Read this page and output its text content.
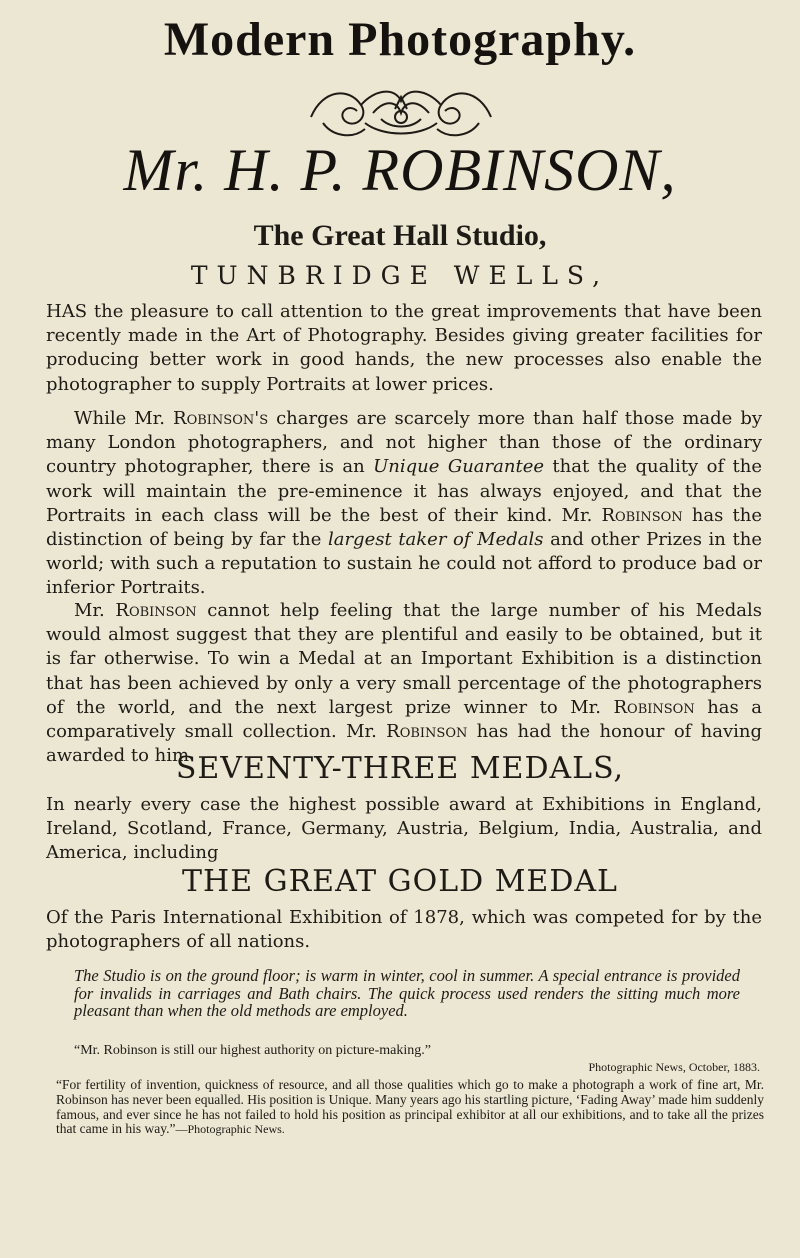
Modern Photography.
Mr. H. P. ROBINSON,
The Great Hall Studio,
TUNBRIDGE WELLS,
HAS the pleasure to call attention to the great improvements that have been recently made in the Art of Photography. Besides giving greater facilities for producing better work in good hands, the new processes also enable the photographer to supply Portraits at lower prices.
While Mr. Robinson's charges are scarcely more than half those made by many London photographers, and not higher than those of the ordinary country photographer, there is an Unique Guarantee that the quality of the work will maintain the pre-eminence it has always enjoyed, and that the Portraits in each class will be the best of their kind. Mr. Robinson has the distinction of being by far the largest taker of Medals and other Prizes in the world; with such a reputation to sustain he could not afford to produce bad or inferior Portraits.
Mr. Robinson cannot help feeling that the large number of his Medals would almost suggest that they are plentiful and easily to be obtained, but it is far otherwise. To win a Medal at an Important Exhibition is a distinction that has been achieved by only a very small percentage of the photographers of the world, and the next largest prize winner to Mr. Robinson has a comparatively small collection. Mr. Robinson has had the honour of having awarded to him
SEVENTY-THREE MEDALS,
In nearly every case the highest possible award at Exhibitions in England, Ireland, Scotland, France, Germany, Austria, Belgium, India, Australia, and America, including
THE GREAT GOLD MEDAL
Of the Paris International Exhibition of 1878, which was competed for by the photographers of all nations.
The Studio is on the ground floor; is warm in winter, cool in summer. A special entrance is provided for invalids in carriages and Bath chairs. The quick process used renders the sitting much more pleasant than when the old methods are employed.
“Mr. Robinson is still our highest authority on picture-making.”
Photographic News, October, 1883.
“For fertility of invention, quickness of resource, and all those qualities which go to make a photograph a work of fine art, Mr. Robinson has never been equalled. His position is Unique. Many years ago his startling picture, ‘Fading Away’ made him suddenly famous, and ever since he has not failed to hold his position as principal exhibitor at all our exhibitions, and to take all the prizes that came in his way.”—Photographic News.
